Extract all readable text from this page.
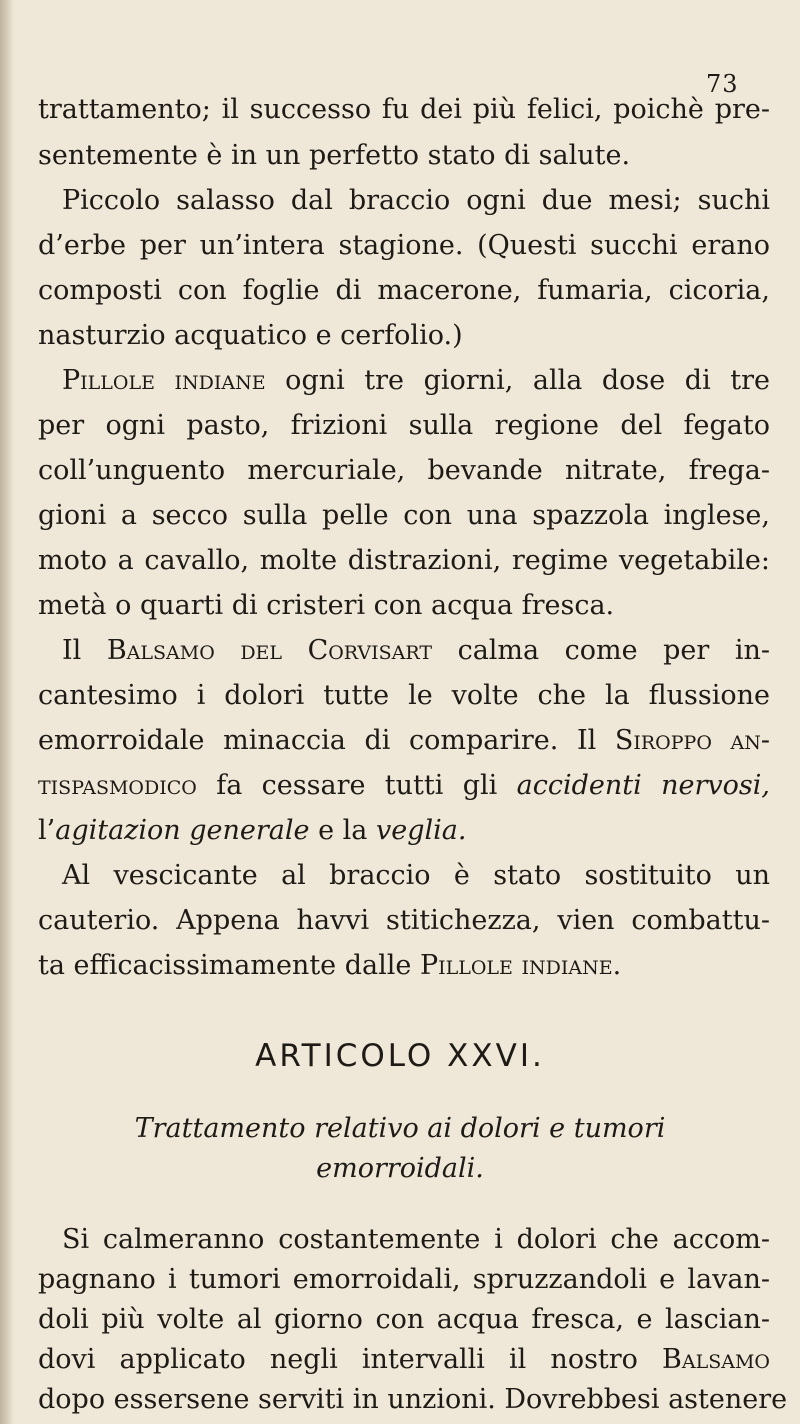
73
trattamento; il successo fu dei più felici, poichè pre-
sentemente è in un perfetto stato di salute.
Piccolo salasso dal braccio ogni due mesi; suchi
d’erbe per un’intera stagione. (Questi succhi erano
composti con foglie di macerone, fumaria, cicoria,
nasturzio acquatico e cerfolio.)
Pillole indiane ogni tre giorni, alla dose di tre
per ogni pasto, frizioni sulla regione del fegato
coll’unguento mercuriale, bevande nitrate, frega-
gioni a secco sulla pelle con una spazzola inglese,
moto a cavallo, molte distrazioni, regime vegetabile:
metà o quarti di cristeri con acqua fresca.
Il Balsamo del Corvisart calma come per in-
cantesimo i dolori tutte le volte che la flussione
emorroidale minaccia di comparire. Il Siroppo an-
tispasmodico fa cessare tutti gli accidenti nervosi,
l’agitazion generale e la veglia.
Al vescicante al braccio è stato sostituito un
cauterio. Appena havvi stitichezza, vien combattu-
ta efficacissimamente dalle Pillole indiane.
ARTICOLO XXVI.
Trattamento relativo ai dolori e tumori
emorroidali.
Si calmeranno costantemente i dolori che accom-
pagnano i tumori emorroidali, spruzzandoli e lavan-
doli più volte al giorno con acqua fresca, e lascian-
dovi applicato negli intervalli il nostro Balsamo
dopo essersene serviti in unzioni. Dovrebbesi astenere
